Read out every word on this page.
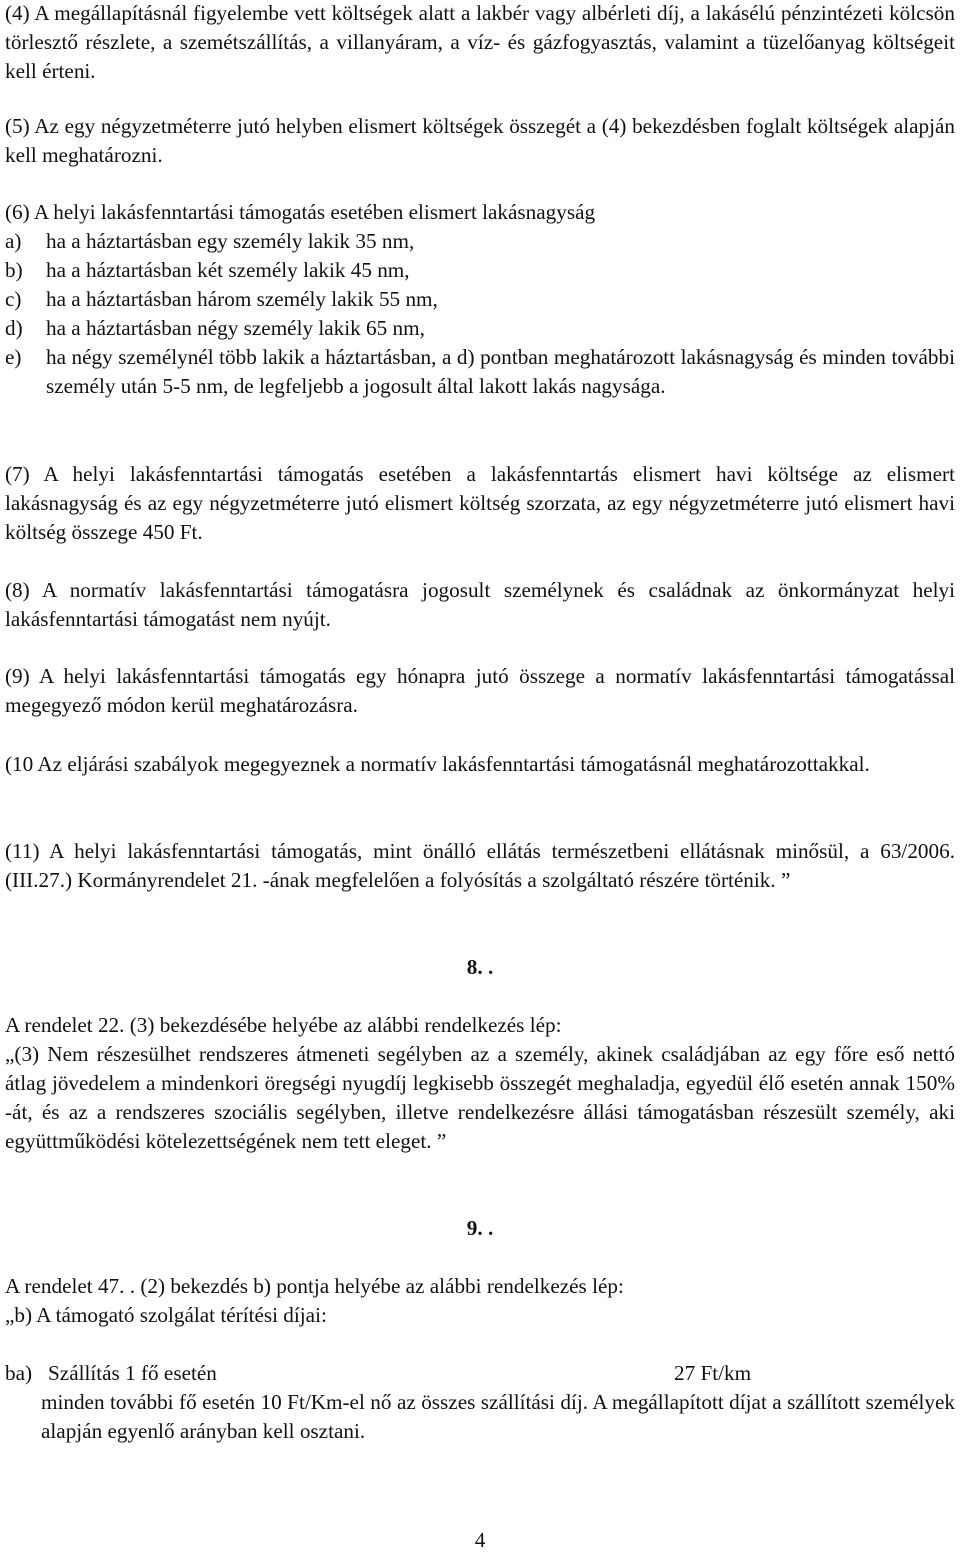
(4) A megállapításnál figyelembe vett költségek alatt a lakbér vagy albérleti díj, a lakásélú pénzintézeti kölcsön törlesztő részlete, a szemétszállítás, a villanyáram, a víz- és gázfogyasztás, valamint a tüzelőanyag költségeit kell érteni.

(5) Az egy négyzetméterre jutó helyben elismert költségek összegét a (4) bekezdésben foglalt költségek alapján kell meghatározni.

(6) A helyi lakásfenntartási támogatás esetében elismert lakásnagyság

a)	ha a háztartásban egy személy lakik 35 nm,
b)	ha a háztartásban két személy lakik 45 nm,
c)	ha a háztartásban három személy lakik 55 nm,
d)	ha a háztartásban négy személy lakik 65 nm,
e)	ha négy személynél több lakik a háztartásban, a d) pontban meghatározott lakásnagyság és minden további személy után 5-5 nm, de legfeljebb a jogosult által lakott lakás nagysága.

(7) A helyi lakásfenntartási támogatás esetében a lakásfenntartás elismert havi költsége az elismert lakásnagyság és az egy négyzetméterre jutó elismert költség szorzata, az egy négyzetméterre jutó elismert havi költség összege 450 Ft.

(8) A normatív lakásfenntartási támogatásra jogosult személynek és családnak az önkormányzat helyi lakásfenntartási támogatást nem nyújt.

(9) A helyi lakásfenntartási támogatás egy hónapra jutó összege a normatív lakásfenntartási támogatással megegyező módon kerül meghatározásra.

(10 Az eljárási szabályok megegyeznek a normatív lakásfenntartási támogatásnál meghatározottakkal.

(11) A helyi lakásfenntartási támogatás, mint önálló ellátás természetbeni ellátásnak minősül, a 63/2006. (III.27.) Kormányrendelet 21. -ának megfelelően a folyósítás a szolgáltató részére történik. ”

8. .

A rendelet 22. (3) bekezdésébe helyébe az alábbi rendelkezés lép:

„(3) Nem részesülhet rendszeres átmeneti segélyben az a személy, akinek családjában az egy főre eső nettó átlag jövedelem a mindenkori öregségi nyugdíj legkisebb összegét meghaladja, egyedül élő esetén annak 150% -át, és az a rendszeres szociális segélyben, illetve rendelkezésre állási támogatásban részesült személy, aki együttműködési kötelezettségének nem tett eleget. ”

9. .

A rendelet 47. . (2) bekezdés b) pontja helyébe az alábbi rendelkezés lép:

„b) A támogató szolgálat térítési díjai:

ba) Szállítás 1 fő esetén	27 Ft/km

minden további fő esetén 10 Ft/Km-el nő az összes szállítási díj. A megállapított díjat a szállított személyek alapján egyenlő arányban kell osztani.

4
